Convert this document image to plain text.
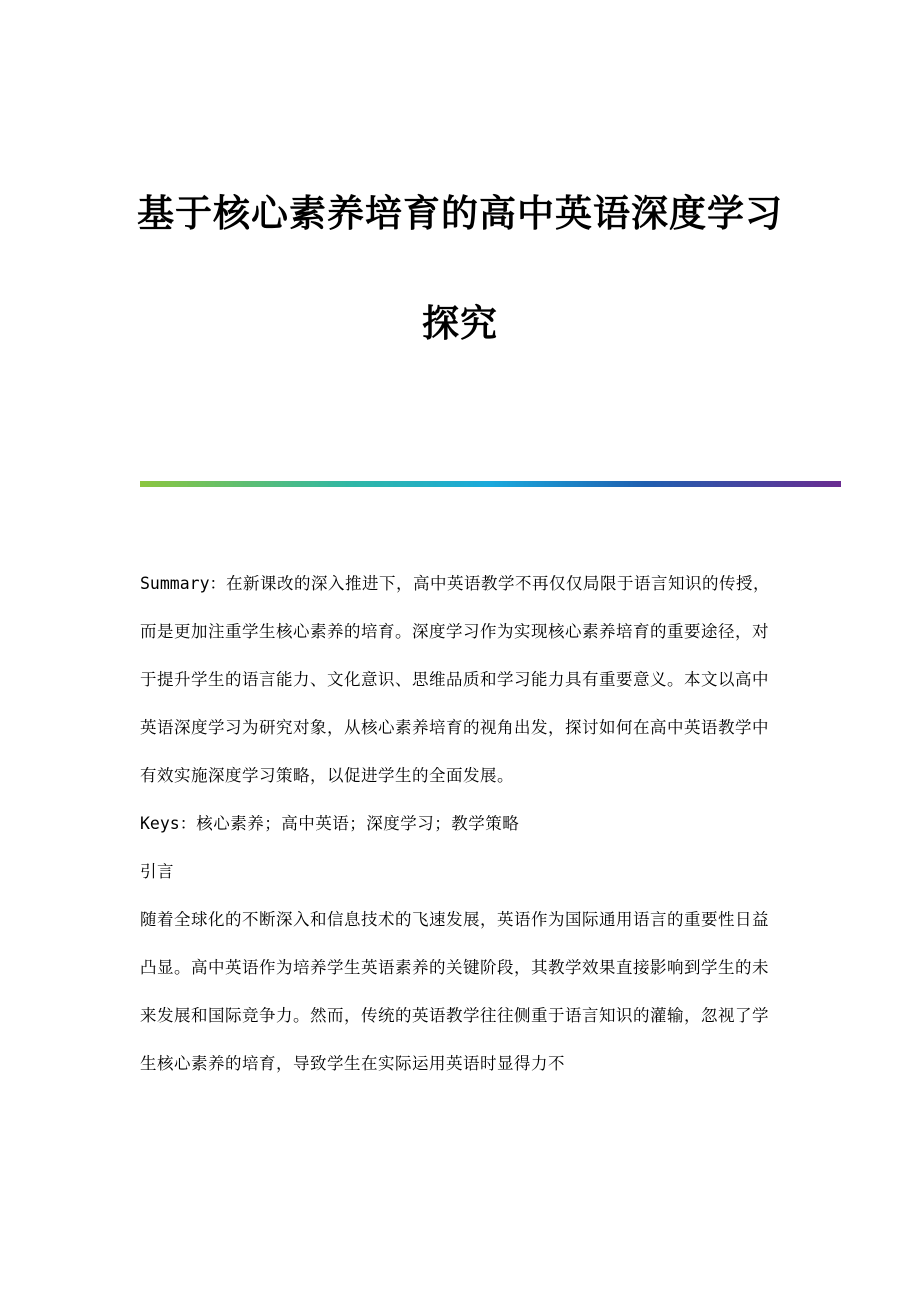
基于核心素养培育的高中英语深度学习
探究

Summary：在新课改的深入推进下，高中英语教学不再仅仅局限于语言知识的传授，而是更加注重学生核心素养的培育。深度学习作为实现核心素养培育的重要途径，对于提升学生的语言能力、文化意识、思维品质和学习能力具有重要意义。本文以高中英语深度学习为研究对象，从核心素养培育的视角出发，探讨如何在高中英语教学中有效实施深度学习策略，以促进学生的全面发展。

Keys：核心素养；高中英语；深度学习；教学策略

引言

随着全球化的不断深入和信息技术的飞速发展，英语作为国际通用语言的重要性日益凸显。高中英语作为培养学生英语素养的关键阶段，其教学效果直接影响到学生的未来发展和国际竞争力。然而，传统的英语教学往往侧重于语言知识的灌输，忽视了学生核心素养的培育，导致学生在实际运用英语时显得力不
